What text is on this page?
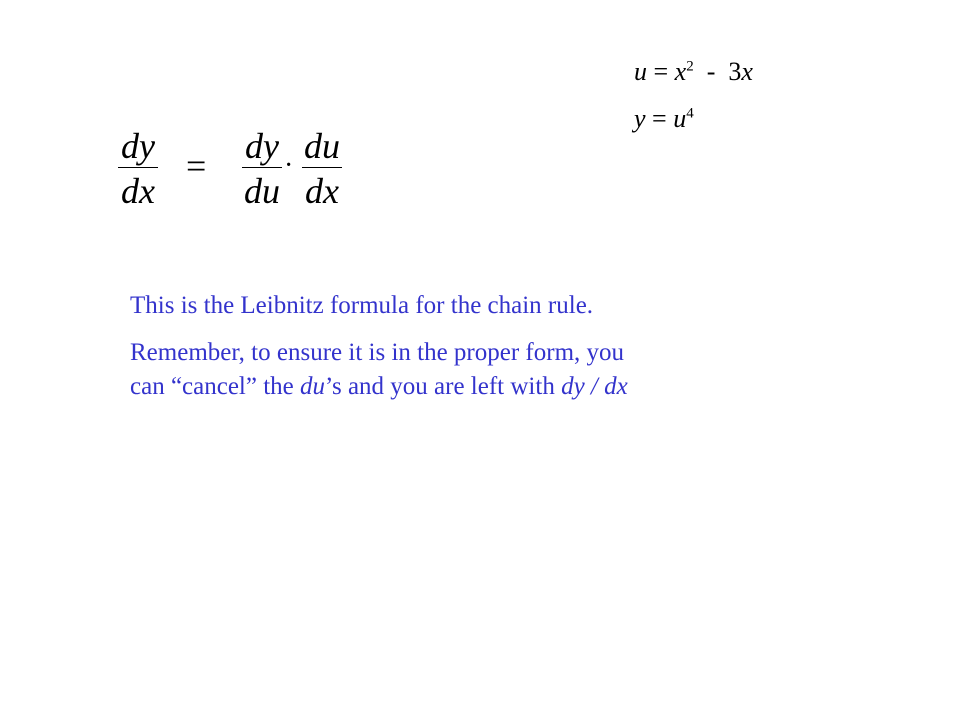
$u = x^2 - 3x$
$y = u^4$
dy
dx
= dy
du
· du
dx

This is the Leibnitz formula for the chain rule.

Remember, to ensure it is in the proper form, you can “cancel” the du’s and you are left with dy / dx
